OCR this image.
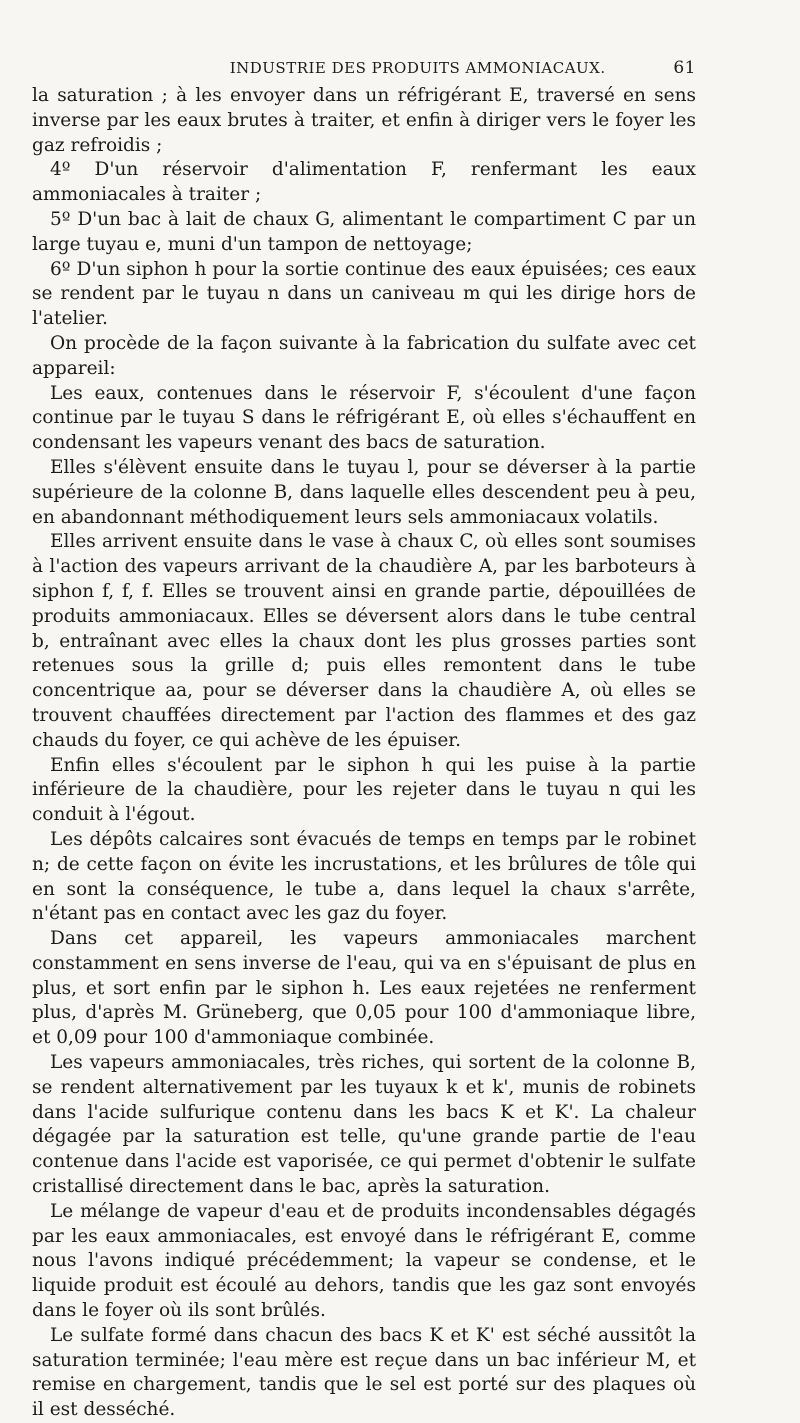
INDUSTRIE DES PRODUITS AMMONIACAUX.	61

la saturation ; à les envoyer dans un réfrigérant E, traversé en sens inverse par les eaux brutes à traiter, et enfin à diriger vers le foyer les gaz refroidis ;

4º D'un réservoir d'alimentation F, renfermant les eaux ammoniacales à traiter ;

5º D'un bac à lait de chaux G, alimentant le compartiment C par un large tuyau e, muni d'un tampon de nettoyage;

6º D'un siphon h pour la sortie continue des eaux épuisées; ces eaux se rendent par le tuyau n dans un caniveau m qui les dirige hors de l'atelier.

On procède de la façon suivante à la fabrication du sulfate avec cet appareil:

Les eaux, contenues dans le réservoir F, s'écoulent d'une façon continue par le tuyau S dans le réfrigérant E, où elles s'échauffent en condensant les vapeurs venant des bacs de saturation.

Elles s'élèvent ensuite dans le tuyau l, pour se déverser à la partie supérieure de la colonne B, dans laquelle elles descendent peu à peu, en abandonnant méthodiquement leurs sels ammoniacaux volatils.

Elles arrivent ensuite dans le vase à chaux C, où elles sont soumises à l'action des vapeurs arrivant de la chaudière A, par les barboteurs à siphon f, f, f. Elles se trouvent ainsi en grande partie, dépouillées de produits ammoniacaux. Elles se déversent alors dans le tube central b, entraînant avec elles la chaux dont les plus grosses parties sont retenues sous la grille d; puis elles remontent dans le tube concentrique aa, pour se déverser dans la chaudière A, où elles se trouvent chauffées directement par l'action des flammes et des gaz chauds du foyer, ce qui achève de les épuiser.

Enfin elles s'écoulent par le siphon h qui les puise à la partie inférieure de la chaudière, pour les rejeter dans le tuyau n qui les conduit à l'égout.

Les dépôts calcaires sont évacués de temps en temps par le robinet n; de cette façon on évite les incrustations, et les brûlures de tôle qui en sont la conséquence, le tube a, dans lequel la chaux s'arrête, n'étant pas en contact avec les gaz du foyer.

Dans cet appareil, les vapeurs ammoniacales marchent constamment en sens inverse de l'eau, qui va en s'épuisant de plus en plus, et sort enfin par le siphon h. Les eaux rejetées ne renferment plus, d'après M. Grüneberg, que 0,05 pour 100 d'ammoniaque libre, et 0,09 pour 100 d'ammoniaque combinée.

Les vapeurs ammoniacales, très riches, qui sortent de la colonne B, se rendent alternativement par les tuyaux k et k', munis de robinets dans l'acide sulfurique contenu dans les bacs K et K'. La chaleur dégagée par la saturation est telle, qu'une grande partie de l'eau contenue dans l'acide est vaporisée, ce qui permet d'obtenir le sulfate cristallisé directement dans le bac, après la saturation.

Le mélange de vapeur d'eau et de produits incondensables dégagés par les eaux ammoniacales, est envoyé dans le réfrigérant E, comme nous l'avons indiqué précédemment; la vapeur se condense, et le liquide produit est écoulé au dehors, tandis que les gaz sont envoyés dans le foyer où ils sont brûlés.

Le sulfate formé dans chacun des bacs K et K' est séché aussitôt la saturation terminée; l'eau mère est reçue dans un bac inférieur M, et remise en chargement, tandis que le sel est porté sur des plaques où il est desséché.
